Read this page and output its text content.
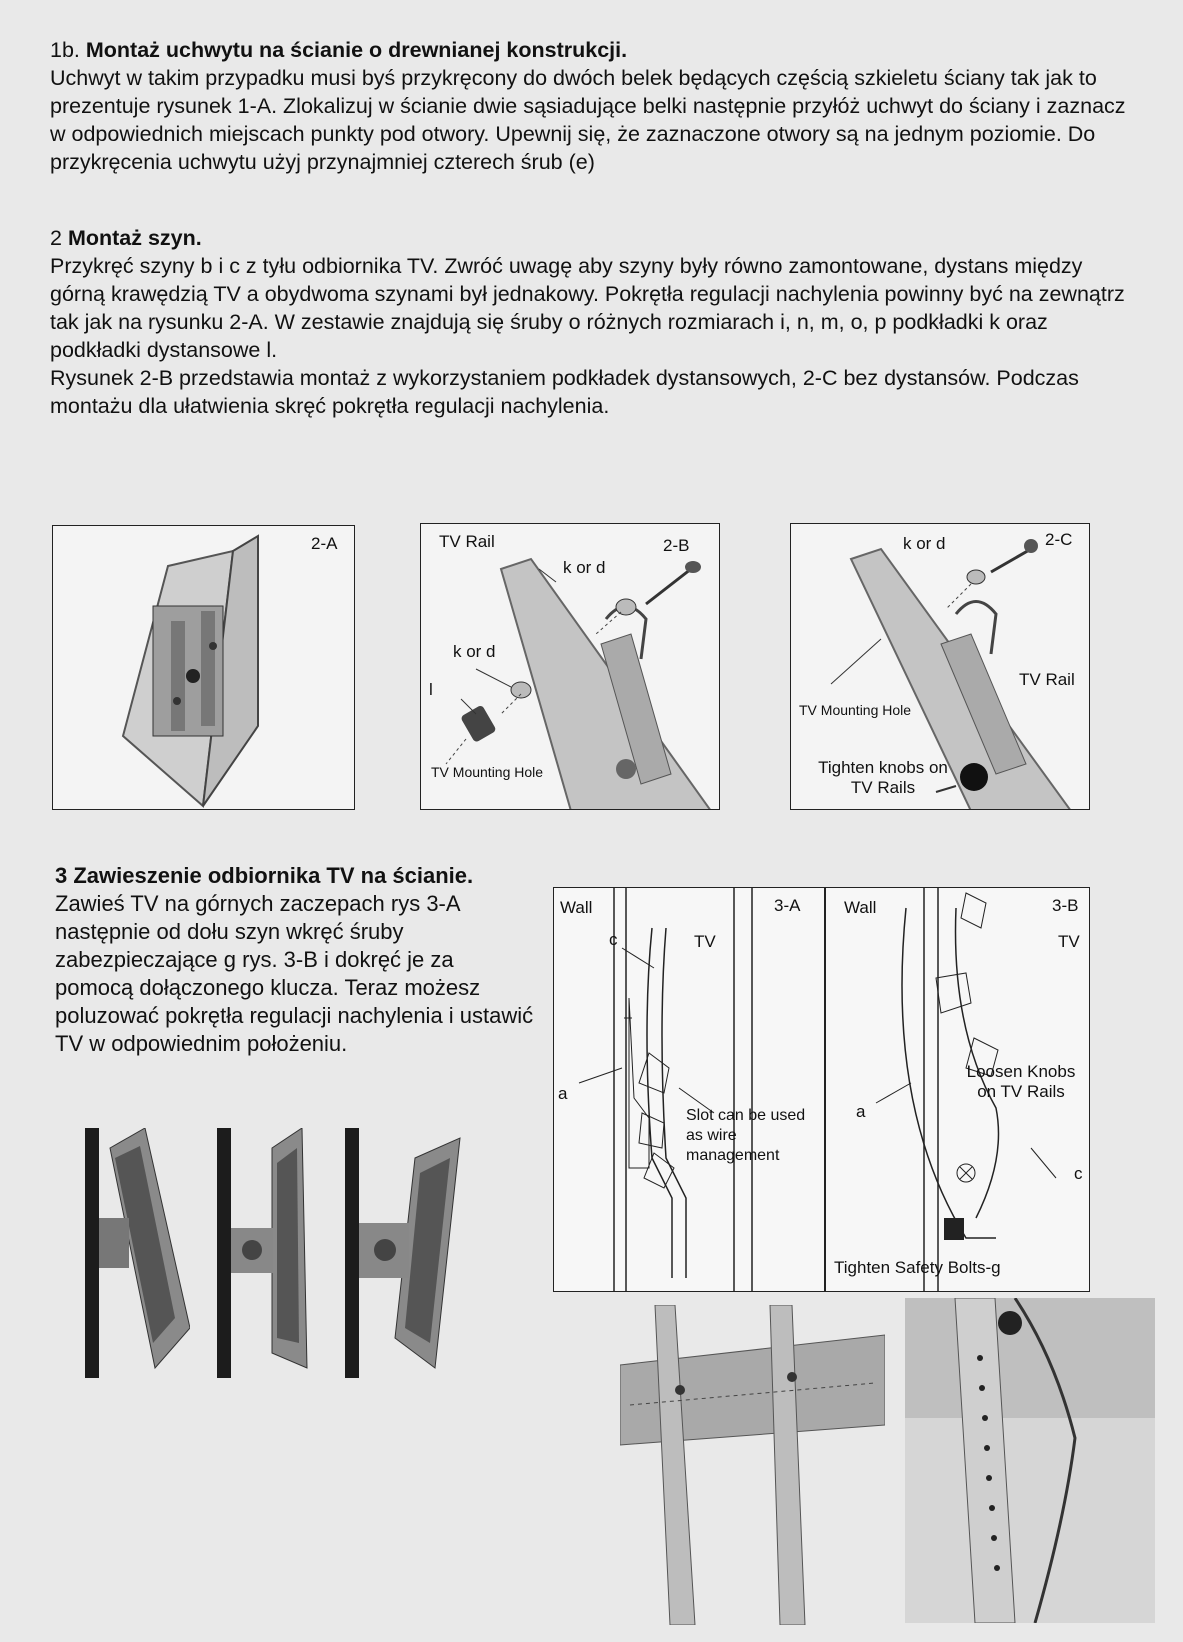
1b. Montaż uchwytu na ścianie o drewnianej konstrukcji.
Uchwyt w takim przypadku musi byś przykręcony do dwóch belek będących częścią szkieletu ściany tak jak to prezentuje rysunek 1-A. Zlokalizuj w ścianie dwie sąsiadujące belki następnie przyłóż uchwyt do ściany i zaznacz w odpowiednich miejscach punkty pod otwory. Upewnij się, że zaznaczone otwory są na jednym poziomie. Do przykręcenia uchwytu użyj przynajmniej czterech śrub (e)

2 Montaż szyn.
Przykręć szyny b i c z tyłu odbiornika TV. Zwróć uwagę aby szyny były równo zamontowane, dystans między górną krawędzią TV a obydwoma szynami był jednakowy. Pokrętła regulacji nachylenia powinny być na zewnątrz tak jak na rysunku 2-A. W zestawie znajdują się śruby o różnych rozmiarach i, n, m, o, p podkładki k oraz podkładki dystansowe l.
Rysunek 2-B przedstawia montaż z wykorzystaniem podkładek dystansowych, 2-C bez dystansów. Podczas montażu dla ułatwienia skręć pokrętła regulacji nachylenia.

2-A	TV Rail	2-B
k or d
k or d
l
TV Mounting Hole
k or d	2-C
TV Rail
TV Mounting Hole
Tighten knobs on TV Rails
3 Zawieszenie odbiornika TV na ścianie.
Zawieś TV na górnych zaczepach rys 3-A następnie od dołu szyn wkręć śruby zabezpieczające g rys. 3-B i dokręć je za pomocą dołączonego klucza. Teraz możesz poluzować pokrętła regulacji nachylenia i ustawić TV w odpowiednim położeniu.
Wall	3-A
c	TV
a
Slot can be used as wire management
Wall	3-B
TV
Loosen Knobs on TV Rails
a
c
Tighten Safety Bolts-g
